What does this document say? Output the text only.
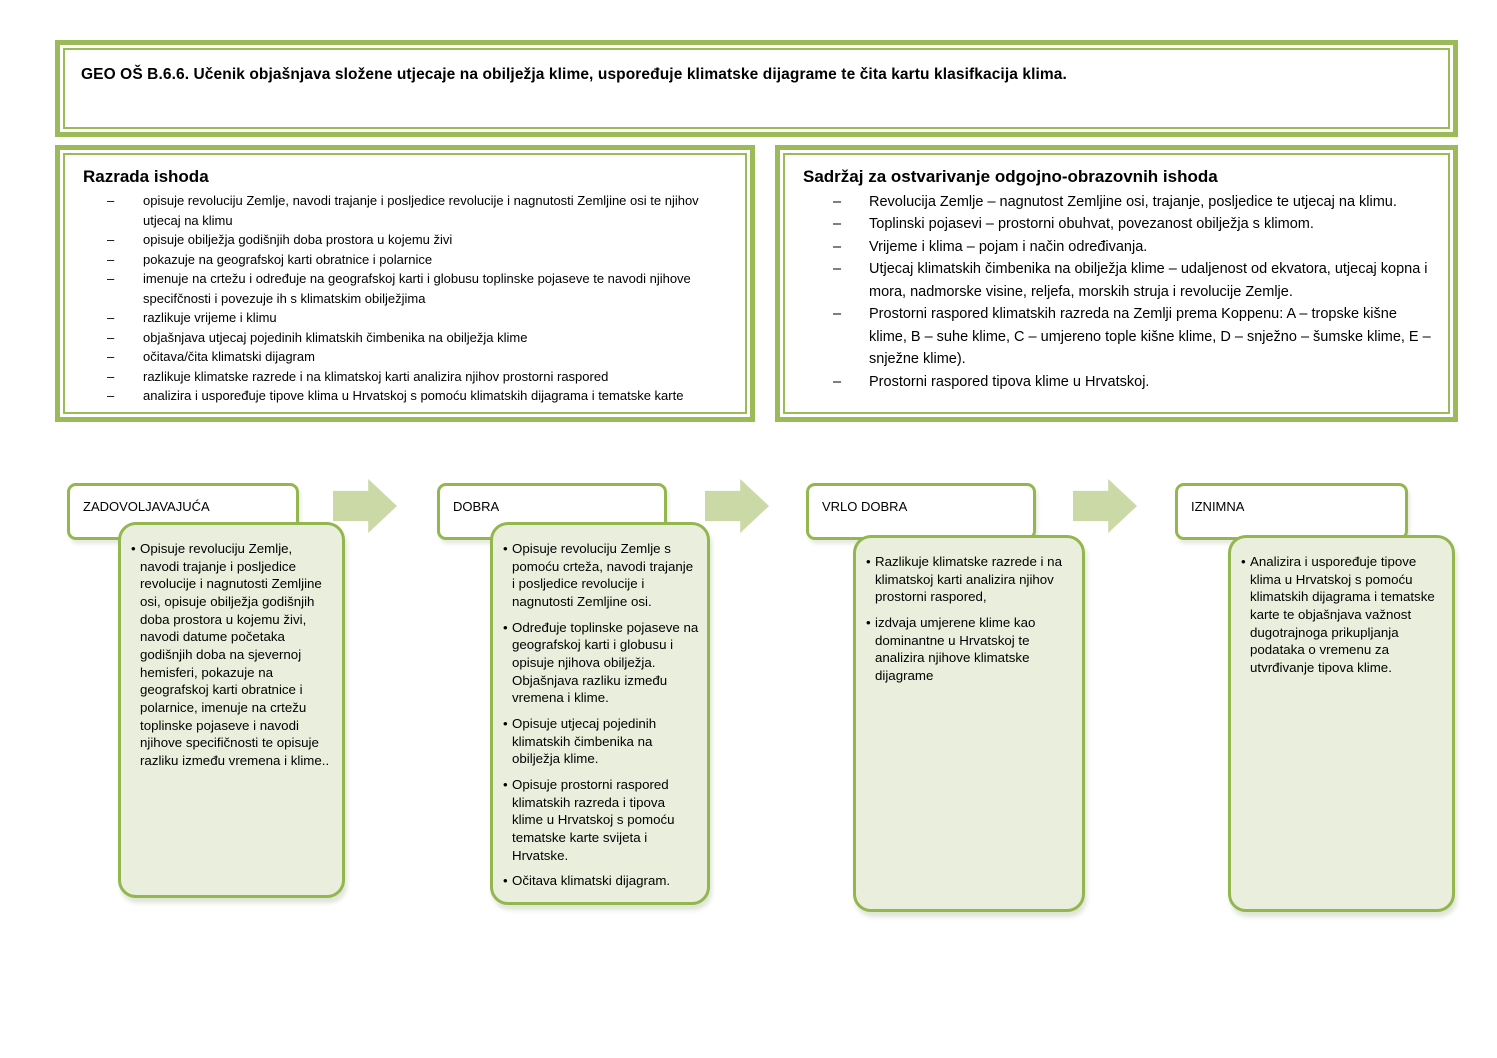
GEO OŠ B.6.6. Učenik objašnjava složene utjecaje na obilježja klime, uspoređuje klimatske dijagrame te čita kartu klasifkacija klima.
Razrada ishoda
– opisuje revoluciju Zemlje, navodi trajanje i posljedice revolucije i nagnutosti Zemljine osi te njihov utjecaj na klimu
– opisuje obilježja godišnjih doba prostora u kojemu živi
– pokazuje na geografskoj karti obratnice i polarnice
– imenuje na crtežu i određuje na geografskoj karti i globusu toplinske pojaseve te navodi njihove specifčnosti i povezuje ih s klimatskim obilježjima
– razlikuje vrijeme i klimu
– objašnjava utjecaj pojedinih klimatskih čimbenika na obilježja klime
– očitava/čita klimatski dijagram
– razlikuje klimatske razrede i na klimatskoj karti analizira njihov prostorni raspored
– analizira i uspoređuje tipove klima u Hrvatskoj s pomoću klimatskih dijagrama i tematske karte
Sadržaj za ostvarivanje odgojno-obrazovnih ishoda
– Revolucija Zemlje – nagnutost Zemljine osi, trajanje, posljedice te utjecaj na klimu.
– Toplinski pojasevi – prostorni obuhvat, povezanost obilježja s klimom.
– Vrijeme i klima – pojam i način određivanja.
– Utjecaj klimatskih čimbenika na obilježja klime – udaljenost od ekvatora, utjecaj kopna i mora, nadmorske visine, reljefa, morskih struja i revolucije Zemlje.
– Prostorni raspored klimatskih razreda na Zemlji prema Koppenu: A – tropske kišne klime, B – suhe klime, C – umjereno tople kišne klime, D – snježno – šumske klime, E – snježne klime).
– Prostorni raspored tipova klime u Hrvatskoj.
ZADOVOLJAVAJUĆA
• Opisuje revoluciju Zemlje, navodi trajanje i posljedice revolucije i nagnutosti Zemljine osi, opisuje obilježja godišnjih doba prostora u kojemu živi, navodi datume početaka godišnjih doba na sjevernoj hemisferi, pokazuje na geografskoj karti obratnice i polarnice, imenuje na crtežu toplinske pojaseve i navodi njihove specifičnosti te opisuje razliku između vremena i klime..
DOBRA
• Opisuje revoluciju Zemlje s pomoću crteža, navodi trajanje i posljedice revolucije i nagnutosti Zemljine osi.
• Određuje toplinske pojaseve na geografskoj karti i globusu i opisuje njihova obilježja. Objašnjava razliku između vremena i klime.
• Opisuje utjecaj pojedinih klimatskih čimbenika na obilježja klime.
• Opisuje prostorni raspored klimatskih razreda i tipova klime u Hrvatskoj s pomoću tematske karte svijeta i Hrvatske.
• Očitava klimatski dijagram.
VRLO DOBRA
• Razlikuje klimatske razrede i na klimatskoj karti analizira njihov prostorni raspored,
• izdvaja umjerene klime kao dominantne u Hrvatskoj te analizira njihove klimatske dijagrame
IZNIMNA
• Analizira i uspoređuje tipove klima u Hrvatskoj s pomoću klimatskih dijagrama i tematske karte te objašnjava važnost dugotrajnoga prikupljanja podataka o vremenu za utvrđivanje tipova klime.
